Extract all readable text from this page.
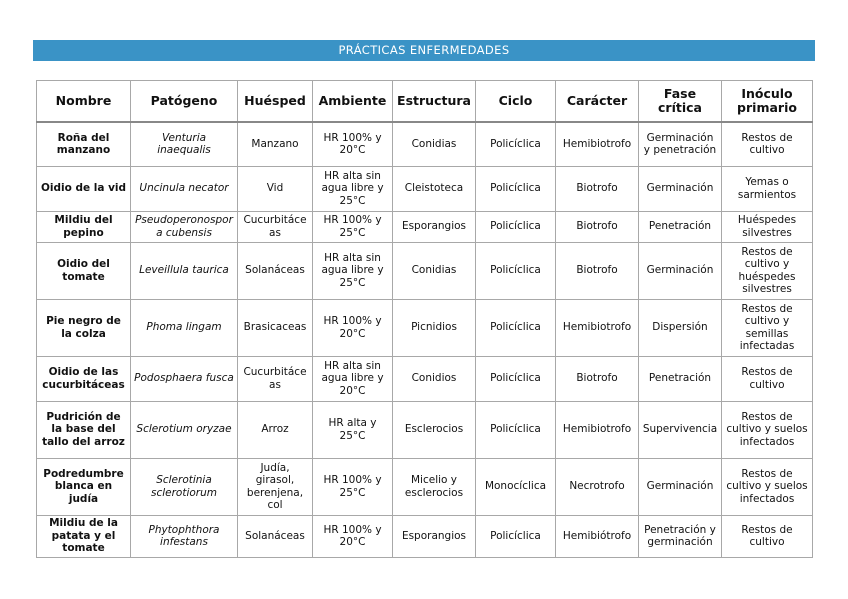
PRÁCTICAS ENFERMEDADES
Nombre	Patógeno	Huésped	Ambiente	Estructura	Ciclo	Carácter	Fase crítica	Inóculo primario
Roña del manzano	Venturia inaequalis	Manzano	HR 100% y 20°C	Conidias	Policíclica	Hemibiotrofo	Germinación y penetración	Restos de cultivo
Oidio de la vid	Uncinula necator	Vid	HR alta sin agua libre y 25°C	Cleistoteca	Policíclica	Biotrofo	Germinación	Yemas o sarmientos
Mildiu del pepino	Pseudoperonospora cubensis	Cucurbitáceas	HR 100% y 25°C	Esporangios	Policíclica	Biotrofo	Penetración	Huéspedes silvestres
Oidio del tomate	Leveillula taurica	Solanáceas	HR alta sin agua libre y 25°C	Conidias	Policíclica	Biotrofo	Germinación	Restos de cultivo y huéspedes silvestres
Pie negro de la colza	Phoma lingam	Brasicaceas	HR 100% y 20°C	Picnidios	Policíclica	Hemibiotrofo	Dispersión	Restos de cultivo y semillas infectadas
Oidio de las cucurbitáceas	Podosphaera fusca	Cucurbitáceas	HR alta sin agua libre y 20°C	Conidios	Policíclica	Biotrofo	Penetración	Restos de cultivo
Pudrición de la base del tallo del arroz	Sclerotium oryzae	Arroz	HR alta y 25°C	Esclerocios	Policíclica	Hemibiotrofo	Supervivencia	Restos de cultivo y suelos infectados
Podredumbre blanca en judía	Sclerotinia sclerotiorum	Judía, girasol, berenjena, col	HR 100% y 25°C	Micelio y esclerocios	Monocíclica	Necrotrofo	Germinación	Restos de cultivo y suelos infectados
Mildiu de la patata y el tomate	Phytophthora infestans	Solanáceas	HR 100% y 20°C	Esporangios	Policíclica	Hemibiótrofo	Penetración y germinación	Restos de cultivo
